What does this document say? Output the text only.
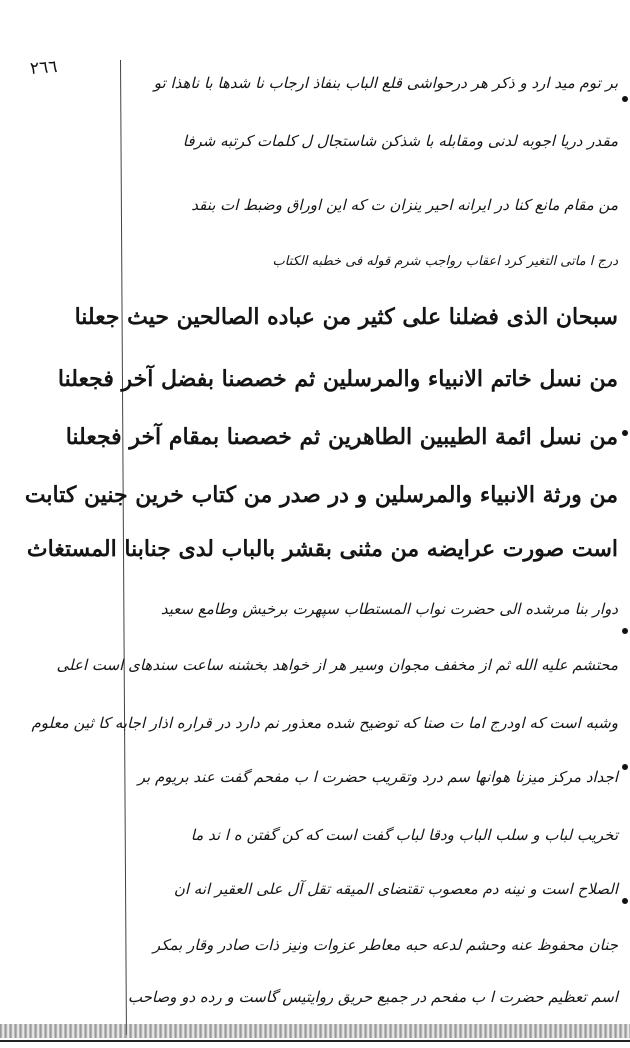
٢٦٦
بر توم مید ارد و ذکر هر درحواشی قلع الباب بنفاذ ارجاب نا شدها با ناهذا تو
مقدر دریا اجوبه لدنی ومقابله با شذکن شاستجال ل کلمات کرتبه شرفا
من مقام مانع کنا در ایرانه احیر ینزان ت که این اوراق وضبط ات بنقد
درج ا ماتی التغیر کرد اعقاب رواجب شرم قوله فی خطبه الکتاب
سبحان الذی فضلنا علی کثیر من عباده الصالحین حیث جعلنا
من نسل خاتم الانبیاء والمرسلین ثم خصصنا بفضل آخر فجعلنا
من نسل ائمة الطیبین الطاهرین ثم خصصنا بمقام آخر فجعلنا
من ورثة الانبیاء والمرسلین و در صدر من کتاب خرین جنین کتابت
است صورت عرایضه من مثنی بقشر بالباب لدی جنابنا المستغاث
دوار بنا مرشده الی حضرت نواب المستطاب سپهرت برخیش وطامع سعید
محتشم علیه الله ثم از مخفف مجوان وسیر هر از خواهد بخشنه ساعت سندهای است اعلی
وشبه است که اودرج اما ت صنا که توضیح شده معذور نم دارد در قراره اذار اجابه کا ثین معلوم
اجداد مرکز میزنا هوانها سم درد وتقریب حضرت ا ب مفحم گفت عند بریوم بر
تخریب لباب و سلب الباب ودقا لباب گفت است که کن گفتن ه ا ند ما
الصلاح است و نینه دم معصوب تقتضای المیقه تقل آل علی العقیر انه ان
جنان محفوظ عنه وحشم لدعه حبه معاطر عزوات ونیز ذات صادر وقار بمکر
اسم تعظیم حضرت ا ب مفحم در جمیع حریق روایتیس گاست و رده دو وصاحب
